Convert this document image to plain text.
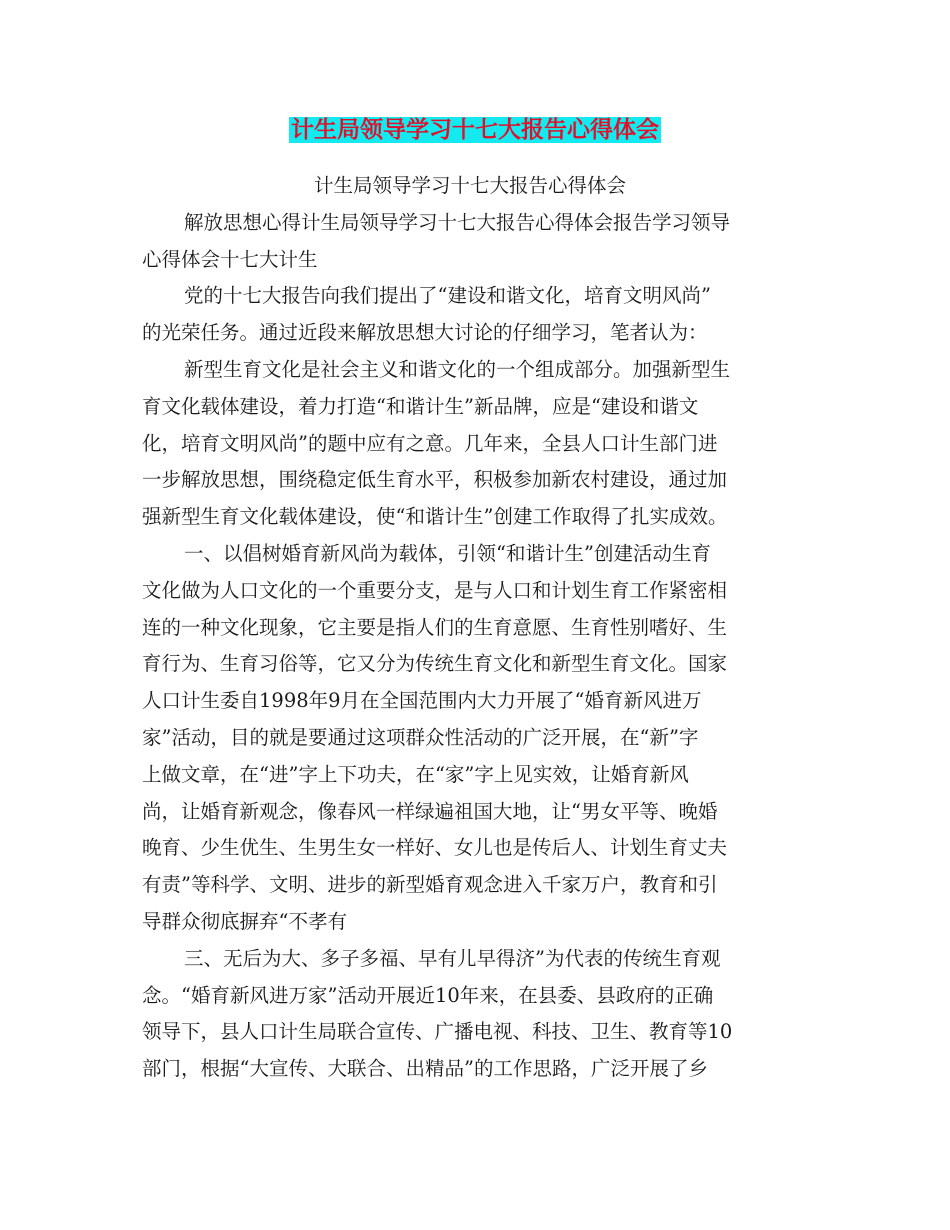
计生局领导学习十七大报告心得体会
计生局领导学习十七大报告心得体会
解放思想心得计生局领导学习十七大报告心得体会报告学习领导
心得体会十七大计生
党的十七大报告向我们提出了“建设和谐文化，培育文明风尚”
的光荣任务。通过近段来解放思想大讨论的仔细学习，笔者认为：
新型生育文化是社会主义和谐文化的一个组成部分。加强新型生
育文化载体建设，着力打造“和谐计生”新品牌，应是“建设和谐文
化，培育文明风尚”的题中应有之意。几年来，全县人口计生部门进
一步解放思想，围绕稳定低生育水平，积极参加新农村建设，通过加
强新型生育文化载体建设，使“和谐计生”创建工作取得了扎实成效。
一、以倡树婚育新风尚为载体，引领“和谐计生”创建活动生育
文化做为人口文化的一个重要分支，是与人口和计划生育工作紧密相
连的一种文化现象，它主要是指人们的生育意愿、生育性别嗜好、生
育行为、生育习俗等，它又分为传统生育文化和新型生育文化。国家
人口计生委自1998年9月在全国范围内大力开展了“婚育新风进万
家”活动，目的就是要通过这项群众性活动的广泛开展，在“新”字
上做文章，在“进”字上下功夫，在“家”字上见实效，让婚育新风
尚，让婚育新观念，像春风一样绿遍祖国大地，让“男女平等、晚婚
晚育、少生优生、生男生女一样好、女儿也是传后人、计划生育丈夫
有责”等科学、文明、进步的新型婚育观念进入千家万户，教育和引
导群众彻底摒弃“不孝有
三、无后为大、多子多福、早有儿早得济”为代表的传统生育观
念。“婚育新风进万家”活动开展近10年来，在县委、县政府的正确
领导下，县人口计生局联合宣传、广播电视、科技、卫生、教育等10
部门，根据“大宣传、大联合、出精品”的工作思路，广泛开展了乡
